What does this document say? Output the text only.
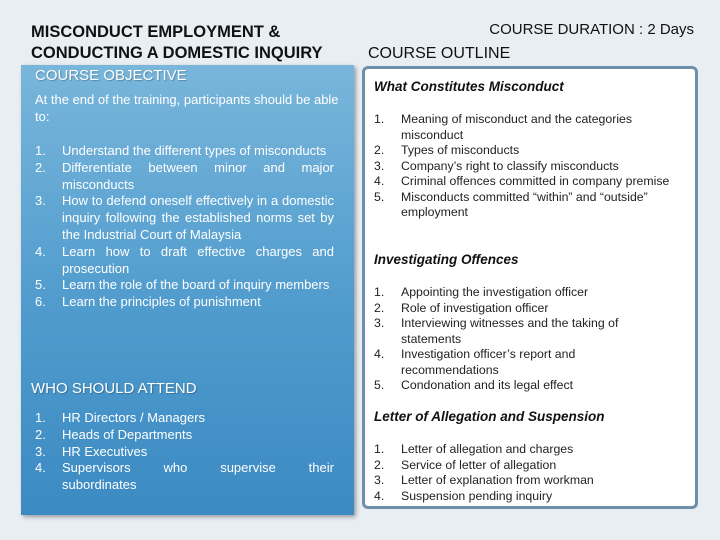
MISCONDUCT EMPLOYMENT &
CONDUCTING A DOMESTIC INQUIRY
COURSE DURATION : 2 Days
COURSE OUTLINE
COURSE OBJECTIVE
At the end of the training, participants should be able to:
1. Understand the different types of misconducts
2. Differentiate between minor and major misconducts
3. How to defend oneself effectively in a domestic inquiry following the established norms set by the Industrial Court of Malaysia
4. Learn how to draft effective charges and prosecution
5. Learn the role of the board of inquiry members
6. Learn the principles of punishment
WHO SHOULD ATTEND
1. HR Directors / Managers
2. Heads of Departments
3. HR Executives
4. Supervisors	who	supervise	their
subordinates
What Constitutes Misconduct
1. Meaning of misconduct and the categories misconduct
2. Types of misconducts
3. Company’s right to classify misconducts
4. Criminal offences committed in company premise
5. Misconducts committed “within” and “outside” employment
Investigating Offences
1. Appointing the investigation officer
2. Role of investigation officer
3. Interviewing witnesses and the taking of statements
4. Investigation officer’s report and recommendations
5. Condonation and its legal effect
Letter of Allegation and Suspension
1. Letter of allegation and charges
2. Service of letter of allegation
3. Letter of explanation from workman
4. Suspension pending inquiry
